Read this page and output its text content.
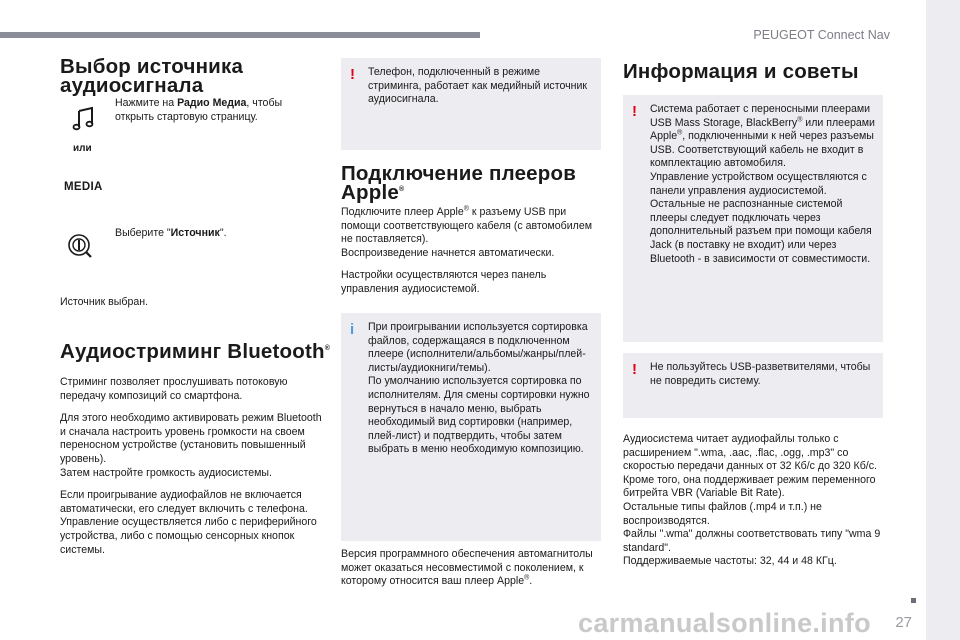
PEUGEOT Connect Nav
27
Выбор источника
аудиосигнала

Нажмите на Радио Медиа, чтобы открыть стартовую страницу.

или
MEDIA

Выберите "Источник".

Источник выбран.

Аудиостриминг Bluetooth®

Стриминг позволяет прослушивать потоковую передачу композиций со смартфона.

Для этого необходимо активировать режим Bluetooth и сначала настроить уровень громкости на своем переносном устройстве (установить повышенный уровень).

Затем настройте громкость аудиосистемы.

Если проигрывание аудиофайлов не включается автоматически, его следует включить с телефона. Управление осуществляется либо с периферийного устройства, либо с помощью сенсорных кнопок системы.

! Телефон, подключенный в режиме стриминга, работает как медийный источник аудиосигнала.

Подключение плееров
Apple®

Подключите плеер Apple® к разъему USB при помощи соответствующего кабеля (с автомобилем не поставляется).

Воспроизведение начнется автоматически.

Настройки осуществляются через панель управления аудиосистемой.

i При проигрывании используется сортировка файлов, содержащаяся в подключенном плеере (исполнители/альбомы/жанры/плей-листы/аудиокниги/темы).

По умолчанию используется сортировка по исполнителям. Для смены сортировки нужно вернуться в начало меню, выбрать необходимый вид сортировки (например, плей-лист) и подтвердить, чтобы затем выбрать в меню необходимую композицию.

Версия программного обеспечения автомагнитолы может оказаться несовместимой с поколением, к которому относится ваш плеер Apple®.

Информация и советы
! Система работает с переносными плеерами USB Mass Storage, BlackBerry® или плеерами Apple®, подключенными к ней через разъемы USB. Соответствующий кабель не входит в комплектацию автомобиля.

Управление устройством осуществляются с панели управления аудиосистемой.

Остальные не распознанные системой плееры следует подключать через дополнительный разъем при помощи кабеля Jack (в поставку не входит) или через Bluetooth - в зависимости от совместимости.

! Не пользуйтесь USB-разветвителями, чтобы не повредить систему.

Аудиосистема читает аудиофайлы только с расширением ".wma, .aac, .flac, .ogg, .mp3" со скоростью передачи данных от 32 Кб/с до 320 Кб/с.

Кроме того, она поддерживает режим переменного битрейта VBR (Variable Bit Rate).

Остальные типы файлов (.mp4 и т.п.) не воспроизводятся.

Файлы ".wma" должны соответствовать типу "wma 9 standard".

Поддерживаемые частоты: 32, 44 и 48 КГц.

carmanualsonline.info
